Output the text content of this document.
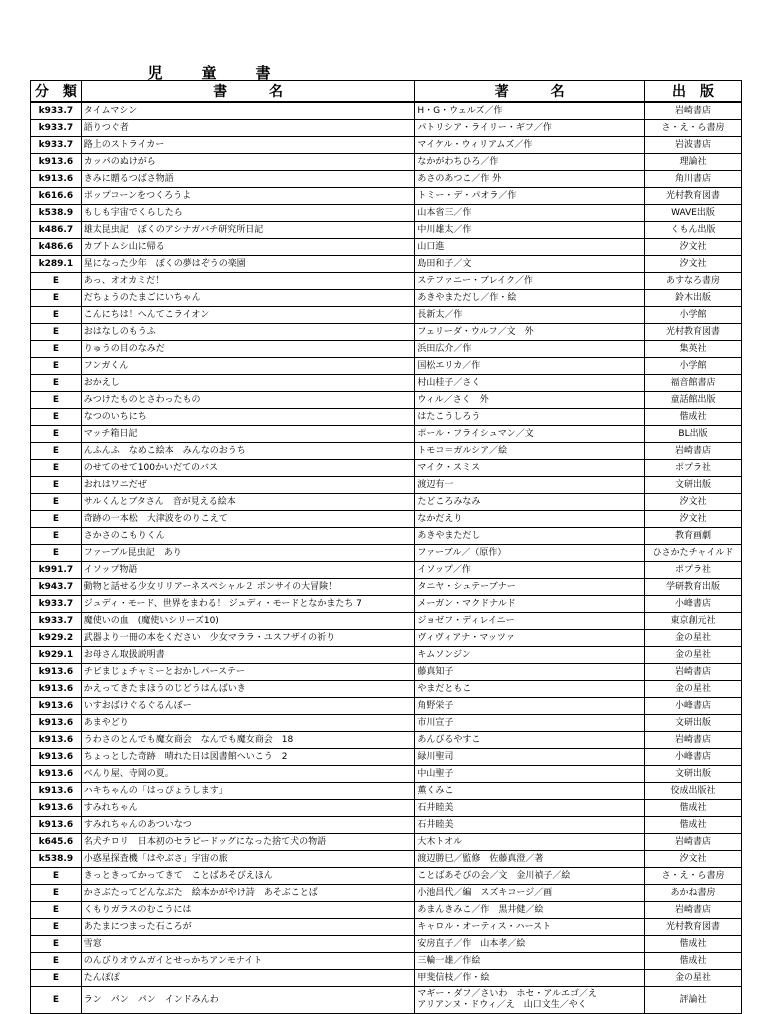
児　童　書
分　類	書　　　名	著　　　名	出　版
k933.7	タイムマシン	H・G・ウェルズ／作	岩崎書店
k933.7	語りつぐ者	パトリシア・ライリー・ギフ／作	さ・え・ら書房
k933.7	路上のストライカー	マイケル・ウィリアムズ／作	岩波書店
k913.6	カッパのぬけがら	なかがわちひろ／作	理論社
k913.6	きみに贈るつばさ物語	あさのあつこ／作 外	角川書店
k616.6	ポップコーンをつくろうよ	トミー・デ・パオラ／作	光村教育図書
k538.9	もしも宇宙でくらしたら	山本省三／作	WAVE出版
k486.7	雄太昆虫記　ぼくのアシナガバチ研究所日記	中川雄太／作	くもん出版
k486.6	カブトムシ山に帰る	山口進	汐文社
k289.1	星になった少年　ぼくの夢はぞうの楽園	島田和子／文	汐文社
E	あっ、オオカミだ！	ステファニー・ブレイク／作	あすなろ書房
E	だちょうのたまごにいちゃん	あきやまただし／作・絵	鈴木出版
E	こんにちは！へんてこライオン	長新太／作	小学館
E	おはなしのもうふ	フェリーダ・ウルフ／文　外	光村教育図書
E	りゅうの目のなみだ	浜田広介／作	集英社
E	フンガくん	国松エリカ／作	小学館
E	おかえし	村山桂子／さく	福音館書店
E	みつけたものとさわったもの	ウィル／さく　外	童話館出版
E	なつのいちにち	はたこうしろう	偕成社
E	マッチ箱日記	ポール・フライシュマン／文	BL出版
E	んふんふ　なめこ絵本　みんなのおうち	トモコ＝ガルシア／絵	岩崎書店
E	のせてのせて100かいだてのバス	マイク・スミス	ポプラ社
E	おれはワニだぜ	渡辺有一	文研出版
E	サルくんとブタさん　音が見える絵本	たどころみなみ	汐文社
E	奇跡の一本松　大津波をのりこえて	なかだえり	汐文社
E	さかさのこもりくん	あきやまただし	教育画劇
E	ファーブル昆虫記　あり	ファーブル／（原作）	ひさかたチャイルド
k991.7	イソップ物語	イソップ／作	ポプラ社
k943.7	動物と話せる少女リリアーネスペシャル２ ボンサイの大冒険！	タニヤ・シュテーブナー	学研教育出版
k933.7	ジュディ・モード、世界をまわる！ ジュディ・モードとなかまたち 7	メーガン・マクドナルド	小峰書店
k933.7	魔使いの血　(魔使いシリーズ10)	ジョゼフ・ディレイニー	東京創元社
k929.2	武器より一冊の本をください　少女マララ・ユスフザイの祈り	ヴィヴィアナ・マッツァ	金の星社
k929.1	お母さん取扱説明書	キムソンジン	金の星社
k913.6	チビまじょチャミーとおかしパーステー	藤真知子	岩崎書店
k913.6	かえってきたまほうのじどうはんばいき	やまだともこ	金の星社
k913.6	いすおばけぐるぐるんぼー	角野栄子	小峰書店
k913.6	あまやどり	市川宣子	文研出版
k913.6	うわさのとんでも魔女商会　なんでも魔女商会　18	あんびるやすこ	岩崎書店
k913.6	ちょっとした奇跡　晴れた日は図書館へいこう　2	緑川聖司	小峰書店
k913.6	べんり屋、寺岡の夏。	中山聖子	文研出版
k913.6	ハキちゃんの「はっぴょうします」	薫くみこ	佼成出版社
k913.6	すみれちゃん	石井睦美	偕成社
k913.6	すみれちゃんのあついなつ	石井睦美	偕成社
k645.6	名犬チロリ　日本初のセラピードッグになった捨て犬の物語	大木トオル	岩崎書店
k538.9	小惑星探査機「はやぶさ」宇宙の旅	渡辺勝巳／監修　佐藤真澄／著	汐文社
E	きっときってかってきて　ことばあそびえほん	ことばあそびの会／文　金川禎子／絵	さ・え・ら書房
E	かさぶたってどんなぶた　絵本かがやけ詩　あそぶことば	小池昌代／編　スズキコージ／画	あかね書房
E	くもりガラスのむこうには	あまんきみこ／作　黒井健／絵	岩崎書店
E	あたまにつまった石ころが	キャロル・オーティス・ハースト	光村教育図書
E	雪窓	安房直子／作　山本孝／絵	偕成社
E	のんびりオウムガイとせっかちアンモナイト	三輪一雄／作絵	偕成社
E	たんぽぽ	甲斐信枝／作・絵	金の星社
E	ラン　パン　パン　インドみんわ	マギー・ダフ／さいわ　ホセ・アルエゴ／え
アリアンヌ・ドウィ／え　山口文生／やく	評論社
